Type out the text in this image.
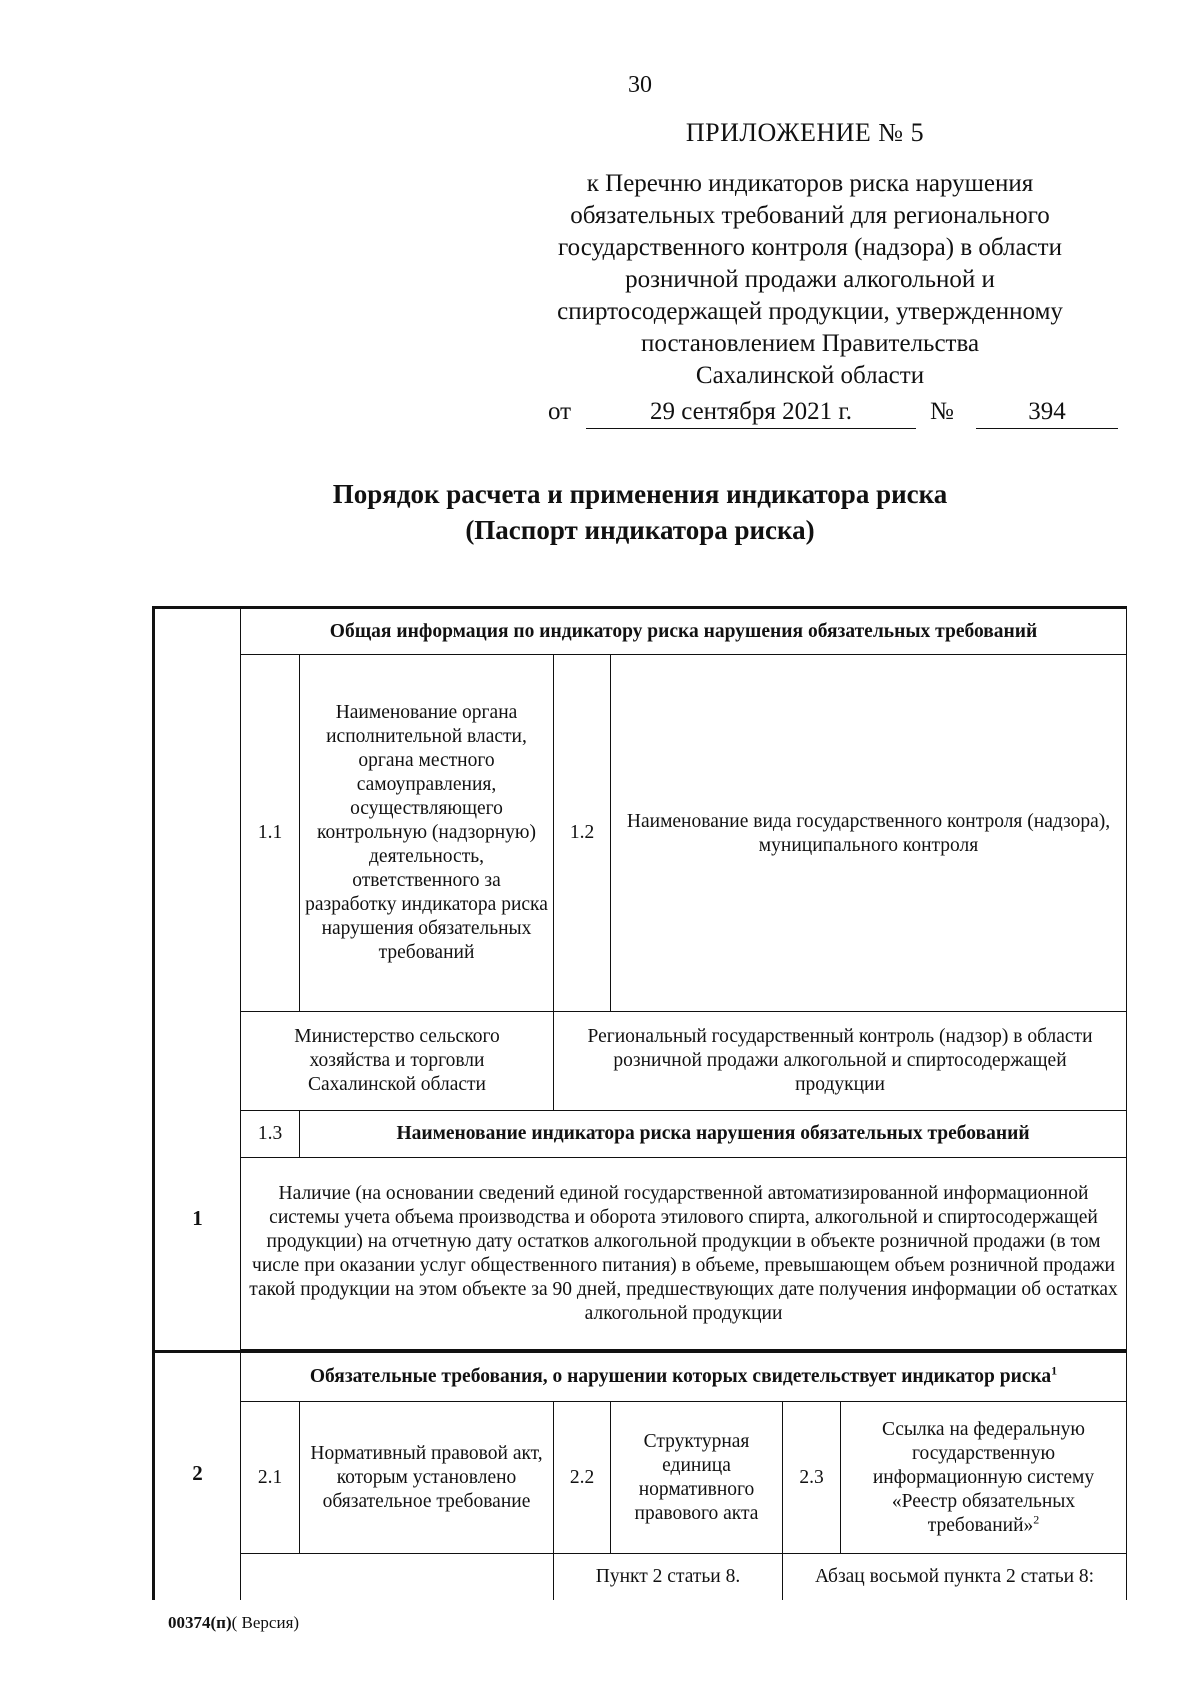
30
ПРИЛОЖЕНИЕ № 5
к Перечню индикаторов риска нарушения
обязательных требований для регионального
государственного контроля (надзора) в области
розничной продажи алкогольной и
спиртосодержащей продукции, утвержденному
постановлением Правительства
Сахалинской области
от	29 сентября 2021 г.	№	394
Порядок расчета и применения индикатора риска
(Паспорт индикатора риска)
1	Общая информация по индикатору риска нарушения обязательных требований					
	1.1	Наименование органа исполнительной власти, органа местного самоуправления, осуществляющего контрольную (надзорную) деятельность, ответственного за разработку индикатора риска нарушения обязательных требований	1.2	Наименование вида государственного контроля (надзора), муниципального контроля		
	Министерство сельского хозяйства и торговли Сахалинской области		Региональный государственный контроль (надзор) в области розничной продажи алкогольной и спиртосодержащей продукции			
	1.3	Наименование индикатора риска нарушения обязательных требований				
	Наличие (на основании сведений единой государственной автоматизированной информационной системы учета объема производства и оборота этилового спирта, алкогольной и спиртосодержащей продукции) на отчетную дату остатков алкогольной продукции в объекте розничной продажи (в том числе при оказании услуг общественного питания) в объеме, превышающем объем розничной продажи такой продукции на этом объекте за 90 дней, предшествующих дате получения информации об остатках алкогольной продукции					

2	Обязательные требования, о нарушении которых свидетельствует индикатор риска$^1$
	2.1	Нормативный правовой акт, которым установлено обязательное требование	2.2	Структурная единица нормативного правового акта	2.3	Ссылка на федеральную государственную информационную систему «Реестр обязательных требований»$^2$
			Пункт 2 статьи 8.		Абзац восьмой пункта 2 статьи 8:	
00374(п)( Версия)
